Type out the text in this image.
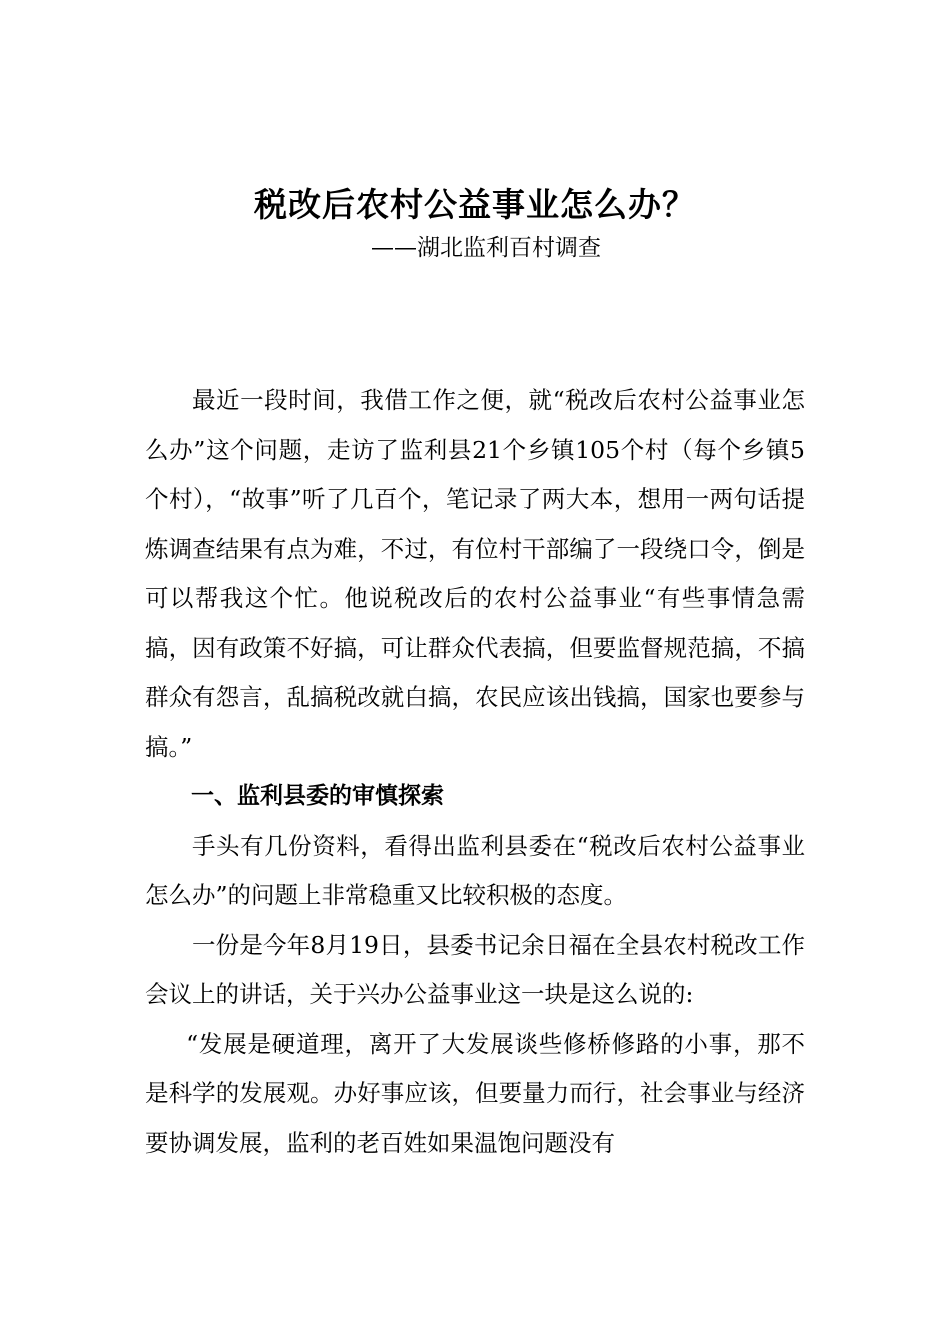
税改后农村公益事业怎么办？
——湖北监利百村调查

最近一段时间，我借工作之便，就“税改后农村公益事业怎么办”这个问题，走访了监利县21个乡镇105个村（每个乡镇5个村），“故事”听了几百个，笔记录了两大本，想用一两句话提炼调查结果有点为难，不过，有位村干部编了一段绕口令，倒是可以帮我这个忙。他说税改后的农村公益事业“有些事情急需搞，因有政策不好搞，可让群众代表搞，但要监督规范搞，不搞群众有怨言，乱搞税改就白搞，农民应该出钱搞，国家也要参与搞。”

一、监利县委的审慎探索

手头有几份资料，看得出监利县委在“税改后农村公益事业怎么办”的问题上非常稳重又比较积极的态度。

一份是今年8月19日，县委书记余日福在全县农村税改工作会议上的讲话，关于兴办公益事业这一块是这么说的:

“发展是硬道理，离开了大发展谈些修桥修路的小事，那不是科学的发展观。办好事应该，但要量力而行，社会事业与经济要协调发展，监利的老百姓如果温饱问题没有
